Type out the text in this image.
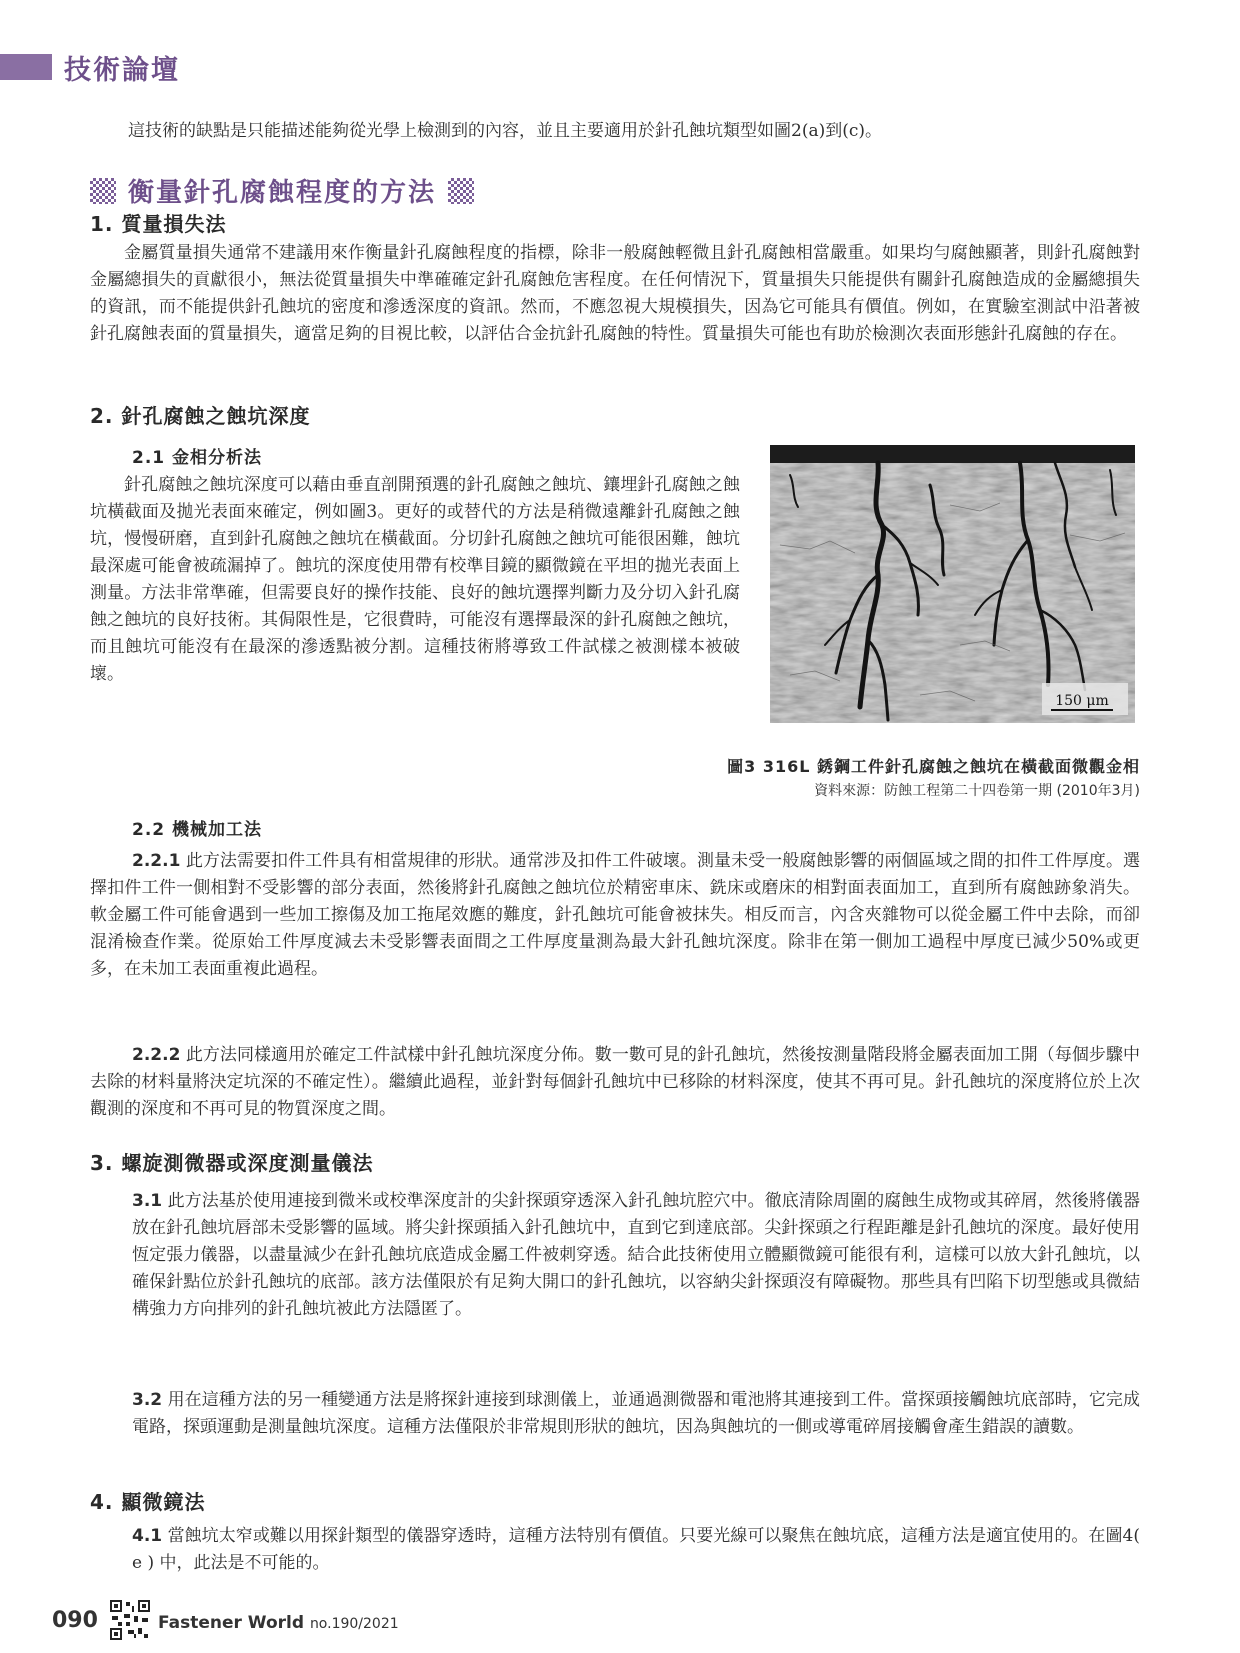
技術論壇

這技術的缺點是只能描述能夠從光學上檢測到的內容，並且主要適用於針孔蝕坑類型如圖2(a)到(c)。

衡量針孔腐蝕程度的方法
1. 質量損失法

金屬質量損失通常不建議用來作衡量針孔腐蝕程度的指標，除非一般腐蝕輕微且針孔腐蝕相當嚴重。如果均勻腐蝕顯著，則針孔腐蝕對金屬總損失的貢獻很小，無法從質量損失中準確確定針孔腐蝕危害程度。在任何情況下，質量損失只能提供有關針孔腐蝕造成的金屬總損失的資訊，而不能提供針孔蝕坑的密度和滲透深度的資訊。然而，不應忽視大規模損失，因為它可能具有價值。例如，在實驗室測試中沿著被針孔腐蝕表面的質量損失，適當足夠的目視比較，以評估合金抗針孔腐蝕的特性。質量損失可能也有助於檢測次表面形態針孔腐蝕的存在。

2. 針孔腐蝕之蝕坑深度
2.1 金相分析法

針孔腐蝕之蝕坑深度可以藉由垂直剖開預選的針孔腐蝕之蝕坑、鑲埋針孔腐蝕之蝕坑橫截面及拋光表面來確定，例如圖3。更好的或替代的方法是稍微遠離針孔腐蝕之蝕坑，慢慢研磨，直到針孔腐蝕之蝕坑在橫截面。分切針孔腐蝕之蝕坑可能很困難，蝕坑最深處可能會被疏漏掉了。蝕坑的深度使用帶有校準目鏡的顯微鏡在平坦的拋光表面上測量。方法非常準確，但需要良好的操作技能、良好的蝕坑選擇判斷力及分切入針孔腐蝕之蝕坑的良好技術。其侷限性是，它很費時，可能沒有選擇最深的針孔腐蝕之蝕坑，而且蝕坑可能沒有在最深的滲透點被分割。這種技術將導致工件試樣之被測樣本被破壞。

150 μm
圖3 316L 銹鋼工件針孔腐蝕之蝕坑在橫截面微觀金相
資料來源：防蝕工程第二十四卷第一期 (2010年3月)
2.2 機械加工法

2.2.1 此方法需要扣件工件具有相當規律的形狀。通常涉及扣件工件破壞。測量未受一般腐蝕影響的兩個區域之間的扣件工件厚度。選擇扣件工件一側相對不受影響的部分表面，然後將針孔腐蝕之蝕坑位於精密車床、銑床或磨床的相對面表面加工，直到所有腐蝕跡象消失。軟金屬工件可能會遇到一些加工擦傷及加工拖尾效應的難度，針孔蝕坑可能會被抹失。相反而言，內含夾雜物可以從金屬工件中去除，而卻混淆檢查作業。從原始工件厚度減去未受影響表面間之工件厚度量測為最大針孔蝕坑深度。除非在第一側加工過程中厚度已減少50%或更多，在未加工表面重複此過程。

2.2.2 此方法同樣適用於確定工件試樣中針孔蝕坑深度分佈。數一數可見的針孔蝕坑，然後按測量階段將金屬表面加工開（每個步驟中去除的材料量將決定坑深的不確定性）。繼續此過程，並針對每個針孔蝕坑中已移除的材料深度，使其不再可見。針孔蝕坑的深度將位於上次觀測的深度和不再可見的物質深度之間。

3. 螺旋測微器或深度測量儀法

3.1 此方法基於使用連接到微米或校準深度計的尖針探頭穿透深入針孔蝕坑腔穴中。徹底清除周圍的腐蝕生成物或其碎屑，然後將儀器放在針孔蝕坑唇部未受影響的區域。將尖針探頭插入針孔蝕坑中，直到它到達底部。尖針探頭之行程距離是針孔蝕坑的深度。最好使用恆定張力儀器，以盡量減少在針孔蝕坑底造成金屬工件被刺穿透。結合此技術使用立體顯微鏡可能很有利，這樣可以放大針孔蝕坑，以確保針點位於針孔蝕坑的底部。該方法僅限於有足夠大開口的針孔蝕坑，以容納尖針探頭沒有障礙物。那些具有凹陷下切型態或具微結構強力方向排列的針孔蝕坑被此方法隱匿了。

3.2 用在這種方法的另一種變通方法是將探針連接到球測儀上，並通過測微器和電池將其連接到工件。當探頭接觸蝕坑底部時，它完成電路，探頭運動是測量蝕坑深度。這種方法僅限於非常規則形狀的蝕坑，因為與蝕坑的一側或導電碎屑接觸會產生錯誤的讀數。

4. 顯微鏡法

4.1 當蝕坑太窄或難以用探針類型的儀器穿透時，這種方法特別有價值。只要光線可以聚焦在蝕坑底，這種方法是適宜使用的。在圖4( e ) 中，此法是不可能的。

090	Fastener World no.190/2021
